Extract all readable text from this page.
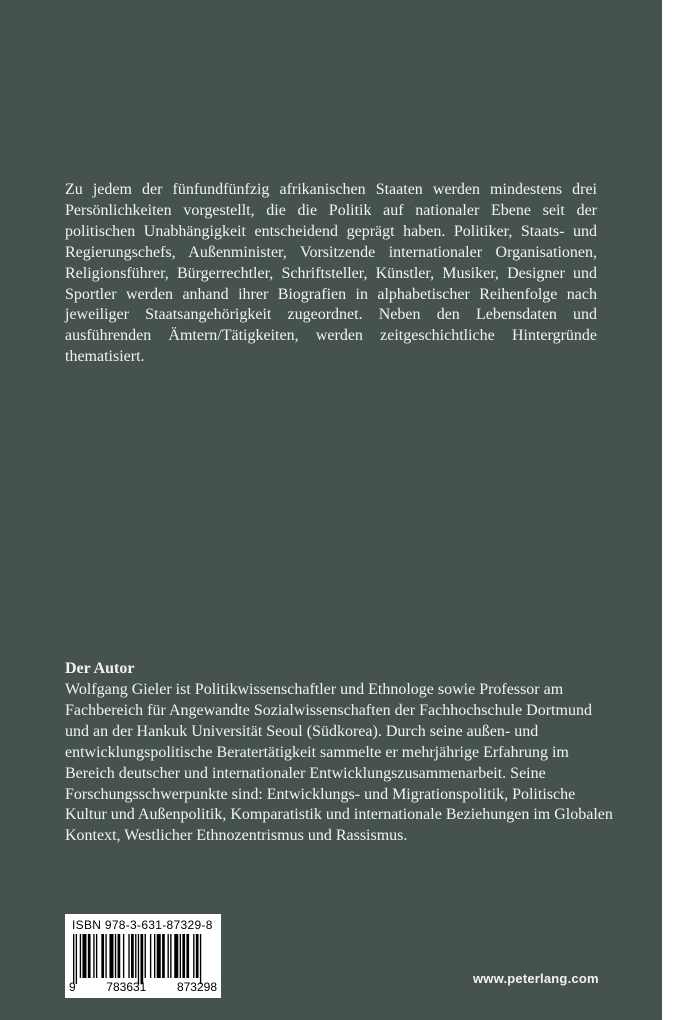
Zu jedem der fünfundfünfzig afrikanischen Staaten werden mindestens drei Persönlichkeiten vorgestellt, die die Politik auf nationaler Ebene seit der politischen Unabhängigkeit entscheidend geprägt haben. Politiker, Staats- und Regierungschefs, Außenminister, Vorsitzende internationaler Organisationen, Religionsführer, Bürgerrechtler, Schriftsteller, Künstler, Musiker, Designer und Sportler werden anhand ihrer Biografien in alphabetischer Reihenfolge nach jeweiliger Staatsangehörigkeit zugeordnet. Neben den Lebensdaten und ausführenden Ämtern/Tätigkeiten, werden zeitgeschichtliche Hintergründe thematisiert.

Der Autor

Wolfgang Gieler ist Politikwissenschaftler und Ethnologe sowie Professor am Fachbereich für Angewandte Sozialwissenschaften der Fachhochschule Dortmund und an der Hankuk Universität Seoul (Südkorea). Durch seine außen- und entwicklungspolitische Beratertätigkeit sammelte er mehrjährige Erfahrung im Bereich deutscher und internationaler Entwicklungszusammenarbeit. Seine Forschungsschwerpunkte sind: Entwicklungs- und Migrationspolitik, Politische Kultur und Außenpolitik, Komparatistik und internationale Beziehungen im Globalen Kontext, Westlicher Ethnozentrismus und Rassismus.

ISBN 978-3-631-87329-8
9	783631	873298
www.peterlang.com
